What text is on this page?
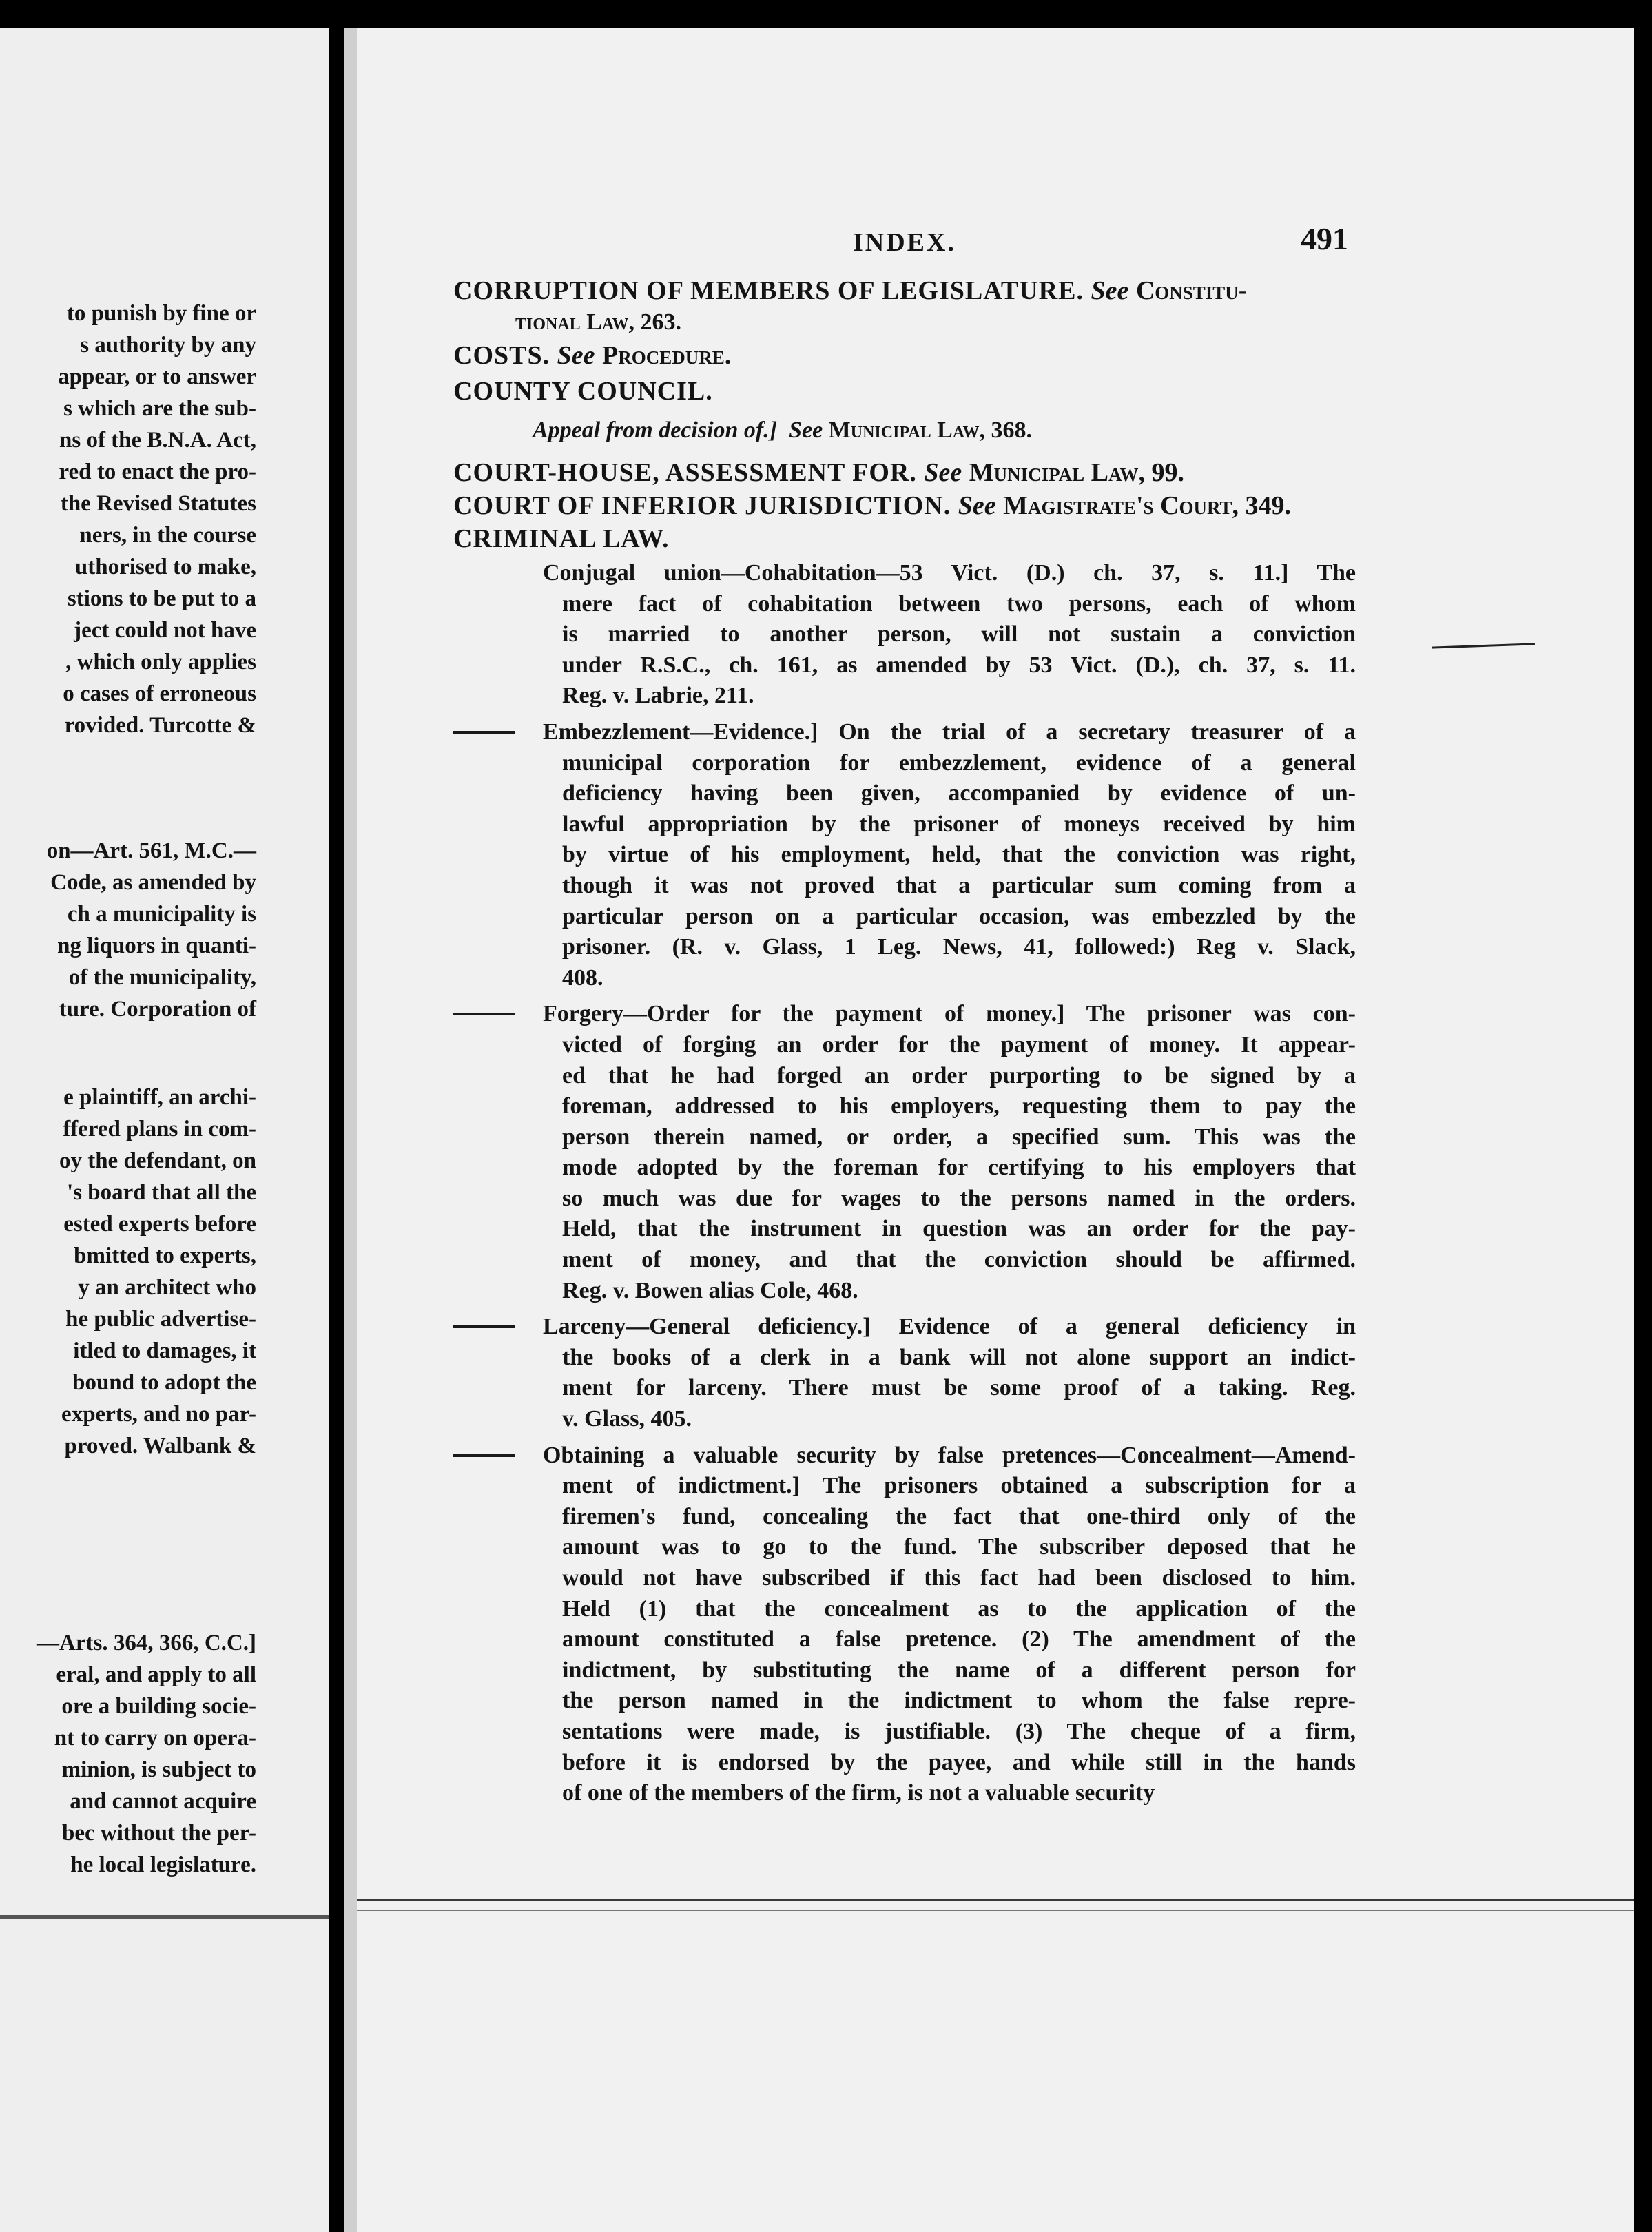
to punish by fine or
s authority by any
appear, or to answer
s which are the sub-
ns of the B.N.A. Act,
red to enact the pro-
the Revised Statutes
ners, in the course
uthorised to make,
stions to be put to a
ject could not have
, which only applies
o cases of erroneous
rovided. Turcotte &
on—Art. 561, M.C.—
Code, as amended by
ch a municipality is
ng liquors in quanti-
of the municipality,
ture. Corporation of
e plaintiff, an archi-
ffered plans in com-
oy the defendant, on
's board that all the
ested experts before
bmitted to experts,
y an architect who
he public advertise-
itled to damages, it
bound to adopt the
experts, and no par-
proved. Walbank &
—Arts. 364, 366, C.C.]
eral, and apply to all
ore a building socie-
nt to carry on opera-
minion, is subject to
and cannot acquire
bec without the per-
he local legislature.
INDEX.	491
CORRUPTION OF MEMBERS OF LEGISLATURE. See Constitu-
tional Law, 263.
COSTS. See Procedure.
COUNTY COUNCIL.
Appeal from decision of.] See Municipal Law, 368.
COURT-HOUSE, ASSESSMENT FOR. See Municipal Law, 99.
COURT OF INFERIOR JURISDICTION. See Magistrate's Court, 349.
CRIMINAL LAW.
Conjugal union—Cohabitation—53 Vict. (D.) ch. 37, s. 11.] The
mere fact of cohabitation between two persons, each of whom
is married to another person, will not sustain a conviction
under R.S.C., ch. 161, as amended by 53 Vict. (D.), ch. 37, s. 11.
Reg. v. Labrie, 211.
Embezzlement—Evidence.] On the trial of a secretary treasurer of a
municipal corporation for embezzlement, evidence of a general
deficiency having been given, accompanied by evidence of un-
lawful appropriation by the prisoner of moneys received by him
by virtue of his employment, held, that the conviction was right,
though it was not proved that a particular sum coming from a
particular person on a particular occasion, was embezzled by the
prisoner. (R. v. Glass, 1 Leg. News, 41, followed:) Reg v. Slack,
408.
Forgery—Order for the payment of money.] The prisoner was con-
victed of forging an order for the payment of money. It appear-
ed that he had forged an order purporting to be signed by a
foreman, addressed to his employers, requesting them to pay the
person therein named, or order, a specified sum. This was the
mode adopted by the foreman for certifying to his employers that
so much was due for wages to the persons named in the orders.
Held, that the instrument in question was an order for the pay-
ment of money, and that the conviction should be affirmed.
Reg. v. Bowen alias Cole, 468.
Larceny—General deficiency.] Evidence of a general deficiency in
the books of a clerk in a bank will not alone support an indict-
ment for larceny. There must be some proof of a taking. Reg.
v. Glass, 405.
Obtaining a valuable security by false pretences—Concealment—Amend-
ment of indictment.] The prisoners obtained a subscription for a
firemen's fund, concealing the fact that one-third only of the
amount was to go to the fund. The subscriber deposed that he
would not have subscribed if this fact had been disclosed to him.
Held (1) that the concealment as to the application of the
amount constituted a false pretence. (2) The amendment of the
indictment, by substituting the name of a different person for
the person named in the indictment to whom the false repre-
sentations were made, is justifiable. (3) The cheque of a firm,
before it is endorsed by the payee, and while still in the hands
of one of the members of the firm, is not a valuable security
